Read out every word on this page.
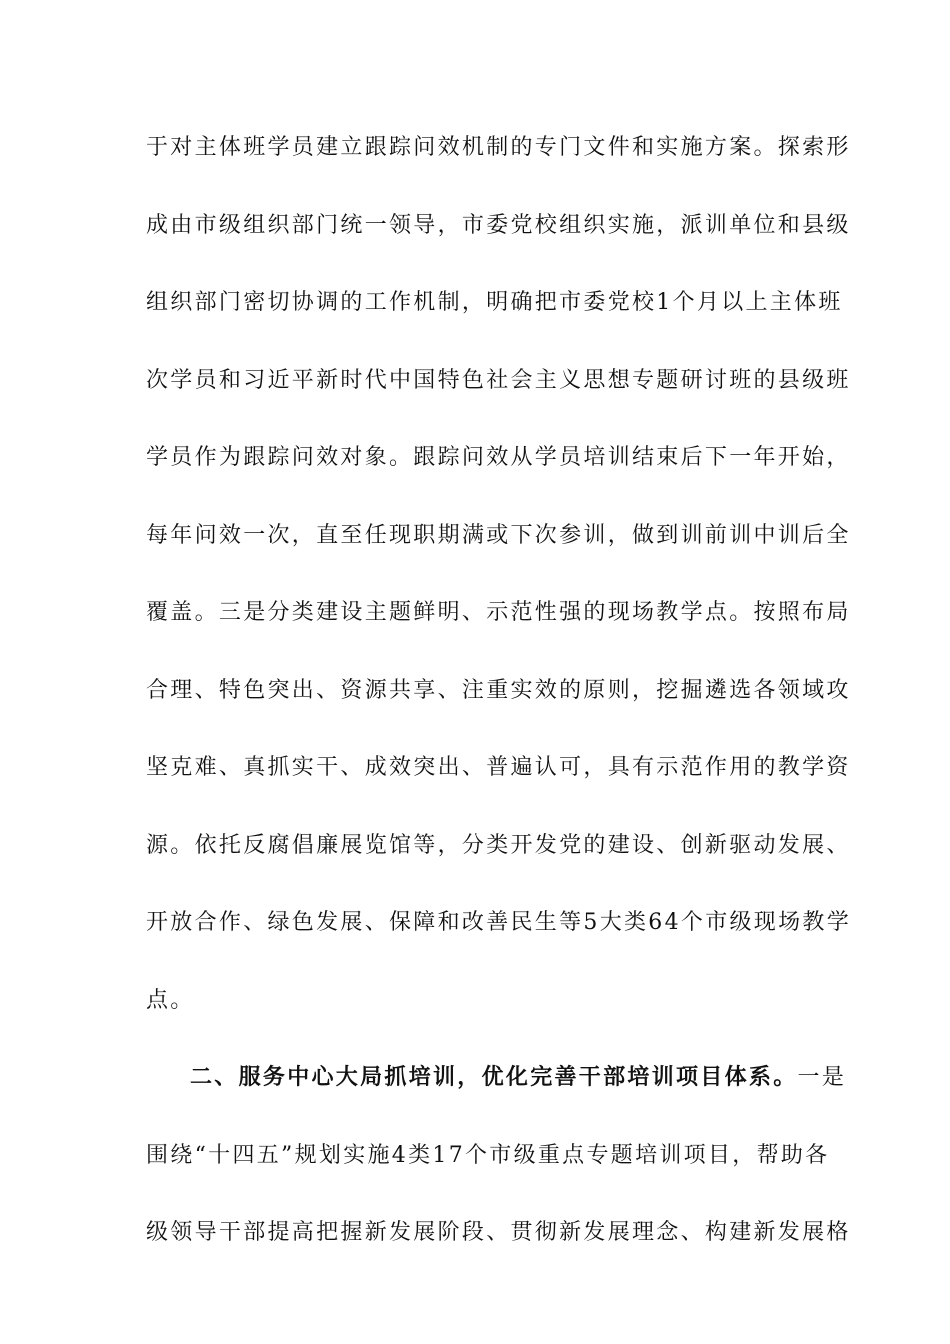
于对主体班学员建立跟踪问效机制的专门文件和实施方案。探索形
成由市级组织部门统一领导，市委党校组织实施，派训单位和县级
组织部门密切协调的工作机制，明确把市委党校1个月以上主体班
次学员和习近平新时代中国特色社会主义思想专题研讨班的县级班
学员作为跟踪问效对象。跟踪问效从学员培训结束后下一年开始，
每年问效一次，直至任现职期满或下次参训，做到训前训中训后全
覆盖。三是分类建设主题鲜明、示范性强的现场教学点。按照布局
合理、特色突出、资源共享、注重实效的原则，挖掘遴选各领域攻
坚克难、真抓实干、成效突出、普遍认可，具有示范作用的教学资
源。依托反腐倡廉展览馆等，分类开发党的建设、创新驱动发展、
开放合作、绿色发展、保障和改善民生等5大类64个市级现场教学
点。
二、服务中心大局抓培训，优化完善干部培训项目体系。一是
围绕“十四五”规划实施4类17个市级重点专题培训项目，帮助各
级领导干部提高把握新发展阶段、贯彻新发展理念、构建新发展格
